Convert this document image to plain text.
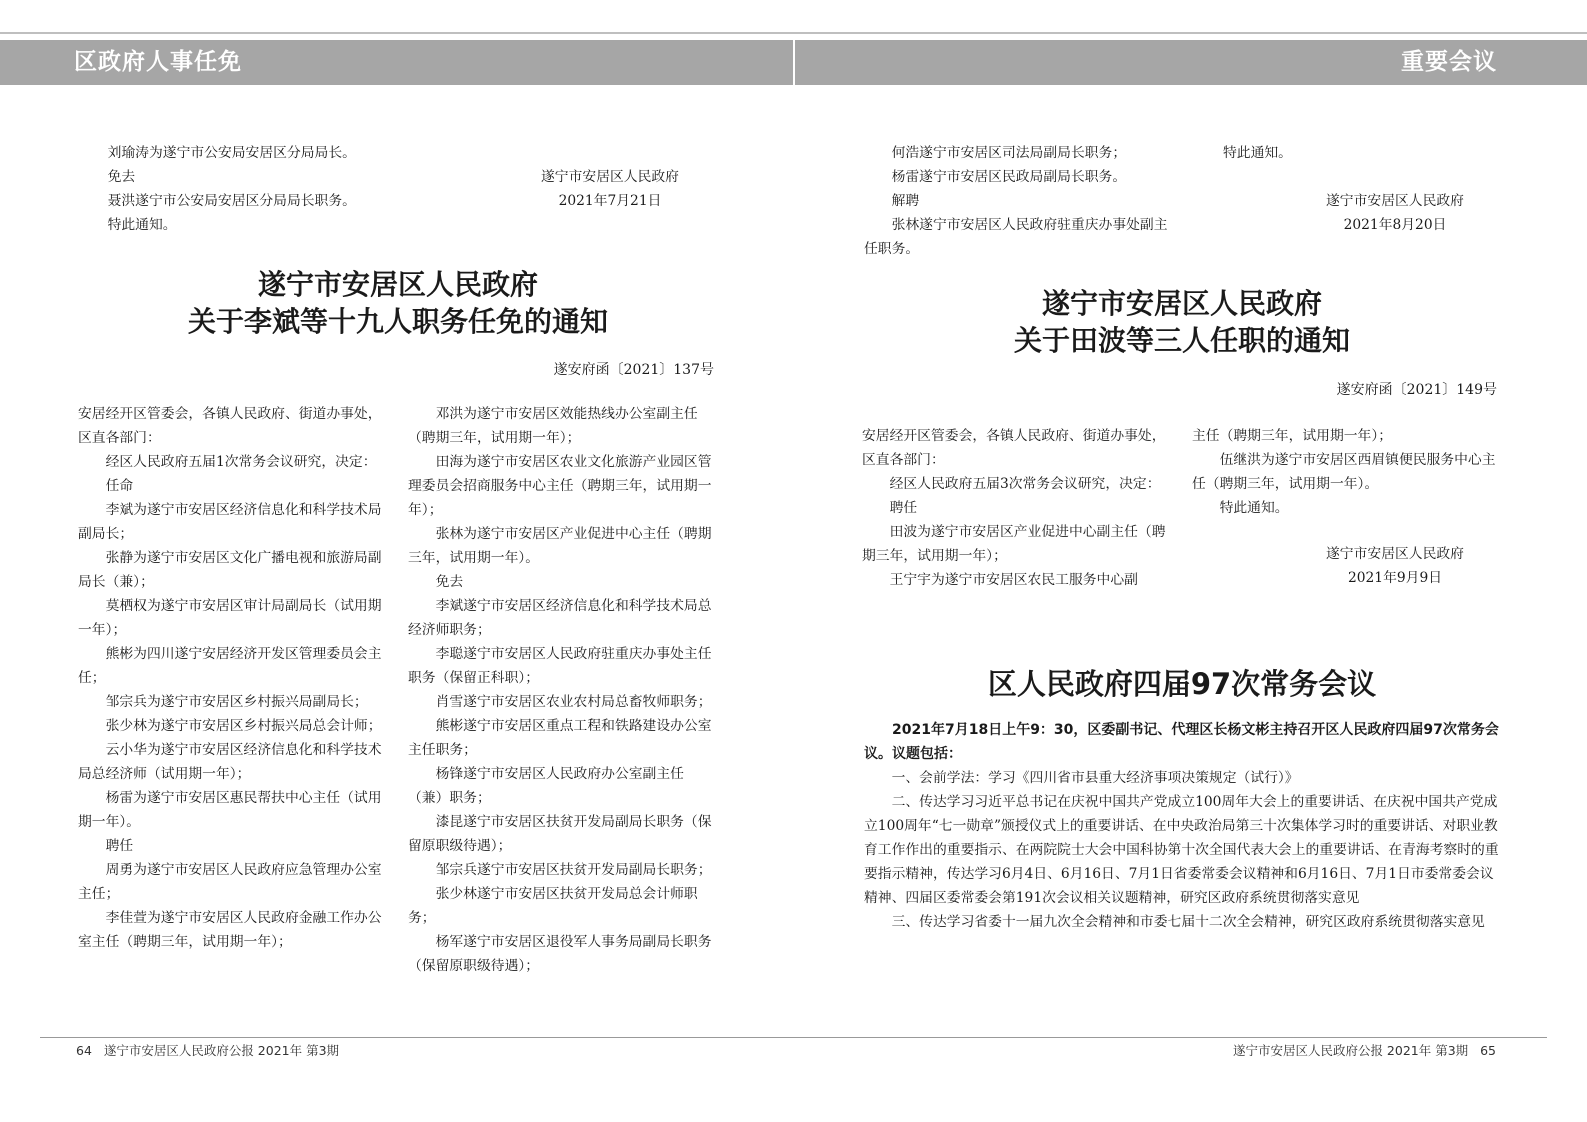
区政府人事任免	重要会议

刘瑜涛为遂宁市公安局安居区分局局长。

免去

聂洪遂宁市公安局安居区分局局长职务。

特此通知。

遂宁市安居区人民政府

2021年7月21日

遂宁市安居区人民政府
关于李斌等十九人职务任免的通知
遂安府函〔2021〕137号

安居经开区管委会，各镇人民政府、街道办事处，区直各部门：

经区人民政府五届1次常务会议研究，决定：

任命

李斌为遂宁市安居区经济信息化和科学技术局副局长；

张静为遂宁市安居区文化广播电视和旅游局副局长（兼）；

莫栖权为遂宁市安居区审计局副局长（试用期一年）；

熊彬为四川遂宁安居经济开发区管理委员会主任；

邹宗兵为遂宁市安居区乡村振兴局副局长；

张少林为遂宁市安居区乡村振兴局总会计师；

云小华为遂宁市安居区经济信息化和科学技术局总经济师（试用期一年）；

杨雷为遂宁市安居区惠民帮扶中心主任（试用期一年）。

聘任

周勇为遂宁市安居区人民政府应急管理办公室主任；

李佳萱为遂宁市安居区人民政府金融工作办公室主任（聘期三年，试用期一年）；

邓洪为遂宁市安居区效能热线办公室副主任（聘期三年，试用期一年）；

田海为遂宁市安居区农业文化旅游产业园区管理委员会招商服务中心主任（聘期三年，试用期一年）；

张林为遂宁市安居区产业促进中心主任（聘期三年，试用期一年）。

免去

李斌遂宁市安居区经济信息化和科学技术局总经济师职务；

李聪遂宁市安居区人民政府驻重庆办事处主任职务（保留正科职）；

肖雪遂宁市安居区农业农村局总畜牧师职务；

熊彬遂宁市安居区重点工程和铁路建设办公室主任职务；

杨锋遂宁市安居区人民政府办公室副主任（兼）职务；

漆昆遂宁市安居区扶贫开发局副局长职务（保留原职级待遇）；

邹宗兵遂宁市安居区扶贫开发局副局长职务；

张少林遂宁市安居区扶贫开发局总会计师职务；

杨军遂宁市安居区退役军人事务局副局长职务（保留原职级待遇）；

何浩遂宁市安居区司法局副局长职务；

杨雷遂宁市安居区民政局副局长职务。

解聘

张林遂宁市安居区人民政府驻重庆办事处副主任职务。

特此通知。

遂宁市安居区人民政府

2021年8月20日

遂宁市安居区人民政府
关于田波等三人任职的通知
遂安府函〔2021〕149号

安居经开区管委会，各镇人民政府、街道办事处，区直各部门：

经区人民政府五届3次常务会议研究，决定：

聘任

田波为遂宁市安居区产业促进中心副主任（聘期三年，试用期一年）；

王宁宇为遂宁市安居区农民工服务中心副

主任（聘期三年，试用期一年）；

伍继洪为遂宁市安居区西眉镇便民服务中心主任（聘期三年，试用期一年）。

特此通知。

遂宁市安居区人民政府

2021年9月9日

区人民政府四届97次常务会议

2021年7月18日上午9：30，区委副书记、代理区长杨文彬主持召开区人民政府四届97次常务会议。议题包括：

一、会前学法：学习《四川省市县重大经济事项决策规定（试行）》

二、传达学习习近平总书记在庆祝中国共产党成立100周年大会上的重要讲话、在庆祝中国共产党成立100周年“七一勋章”颁授仪式上的重要讲话、在中央政治局第三十次集体学习时的重要讲话、对职业教育工作作出的重要指示、在两院院士大会中国科协第十次全国代表大会上的重要讲话、在青海考察时的重要指示精神，传达学习6月4日、6月16日、7月1日省委常委会议精神和6月16日、7月1日市委常委会议精神、四届区委常委会第191次会议相关议题精神，研究区政府系统贯彻落实意见

三、传达学习省委十一届九次全会精神和市委七届十二次全会精神，研究区政府系统贯彻落实意见

64 遂宁市安居区人民政府公报 2021年 第3期	遂宁市安居区人民政府公报 2021年 第3期 65
